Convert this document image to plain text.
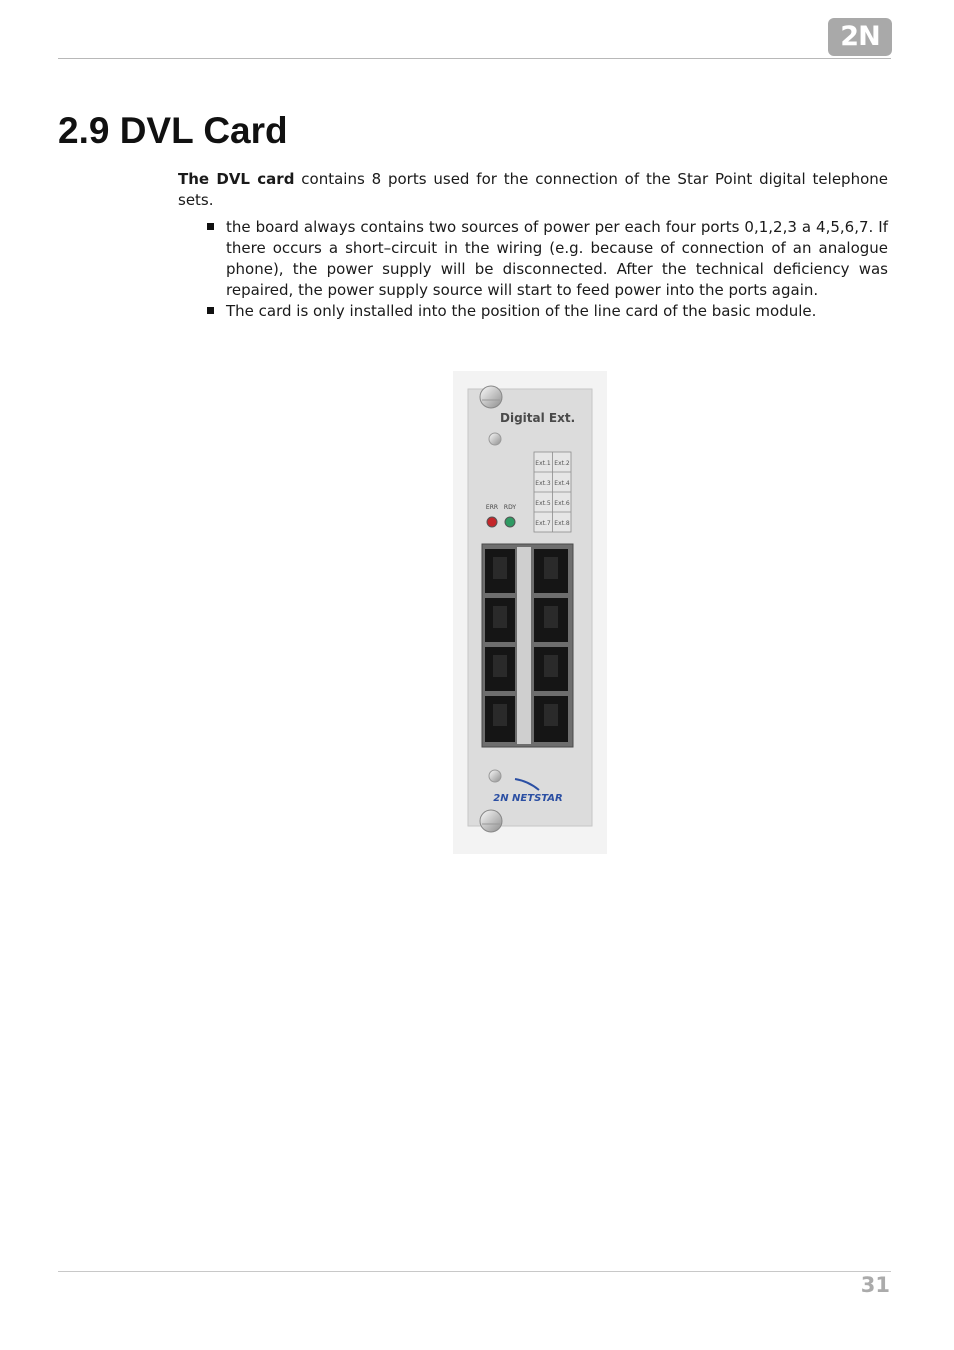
2N
2.9 DVL Card

The DVL card contains 8 ports used for the connection of the Star Point digital telephone sets.

the board always contains two sources of power per each four ports 0,1,2,3 a 4,5,6,7. If there occurs a short–circuit in the wiring (e.g. because of connection of an analogue phone), the power supply will be disconnected. After the technical deficiency was repaired, the power supply source will start to feed power into the ports again.
The card is only installed into the position of the line card of the basic module.
Digital Ext.
Ext.1 Ext.2
Ext.3 Ext.4
Ext.5 Ext.6
Ext.7 Ext.8
ERR RDY
2N NETSTAR
31
